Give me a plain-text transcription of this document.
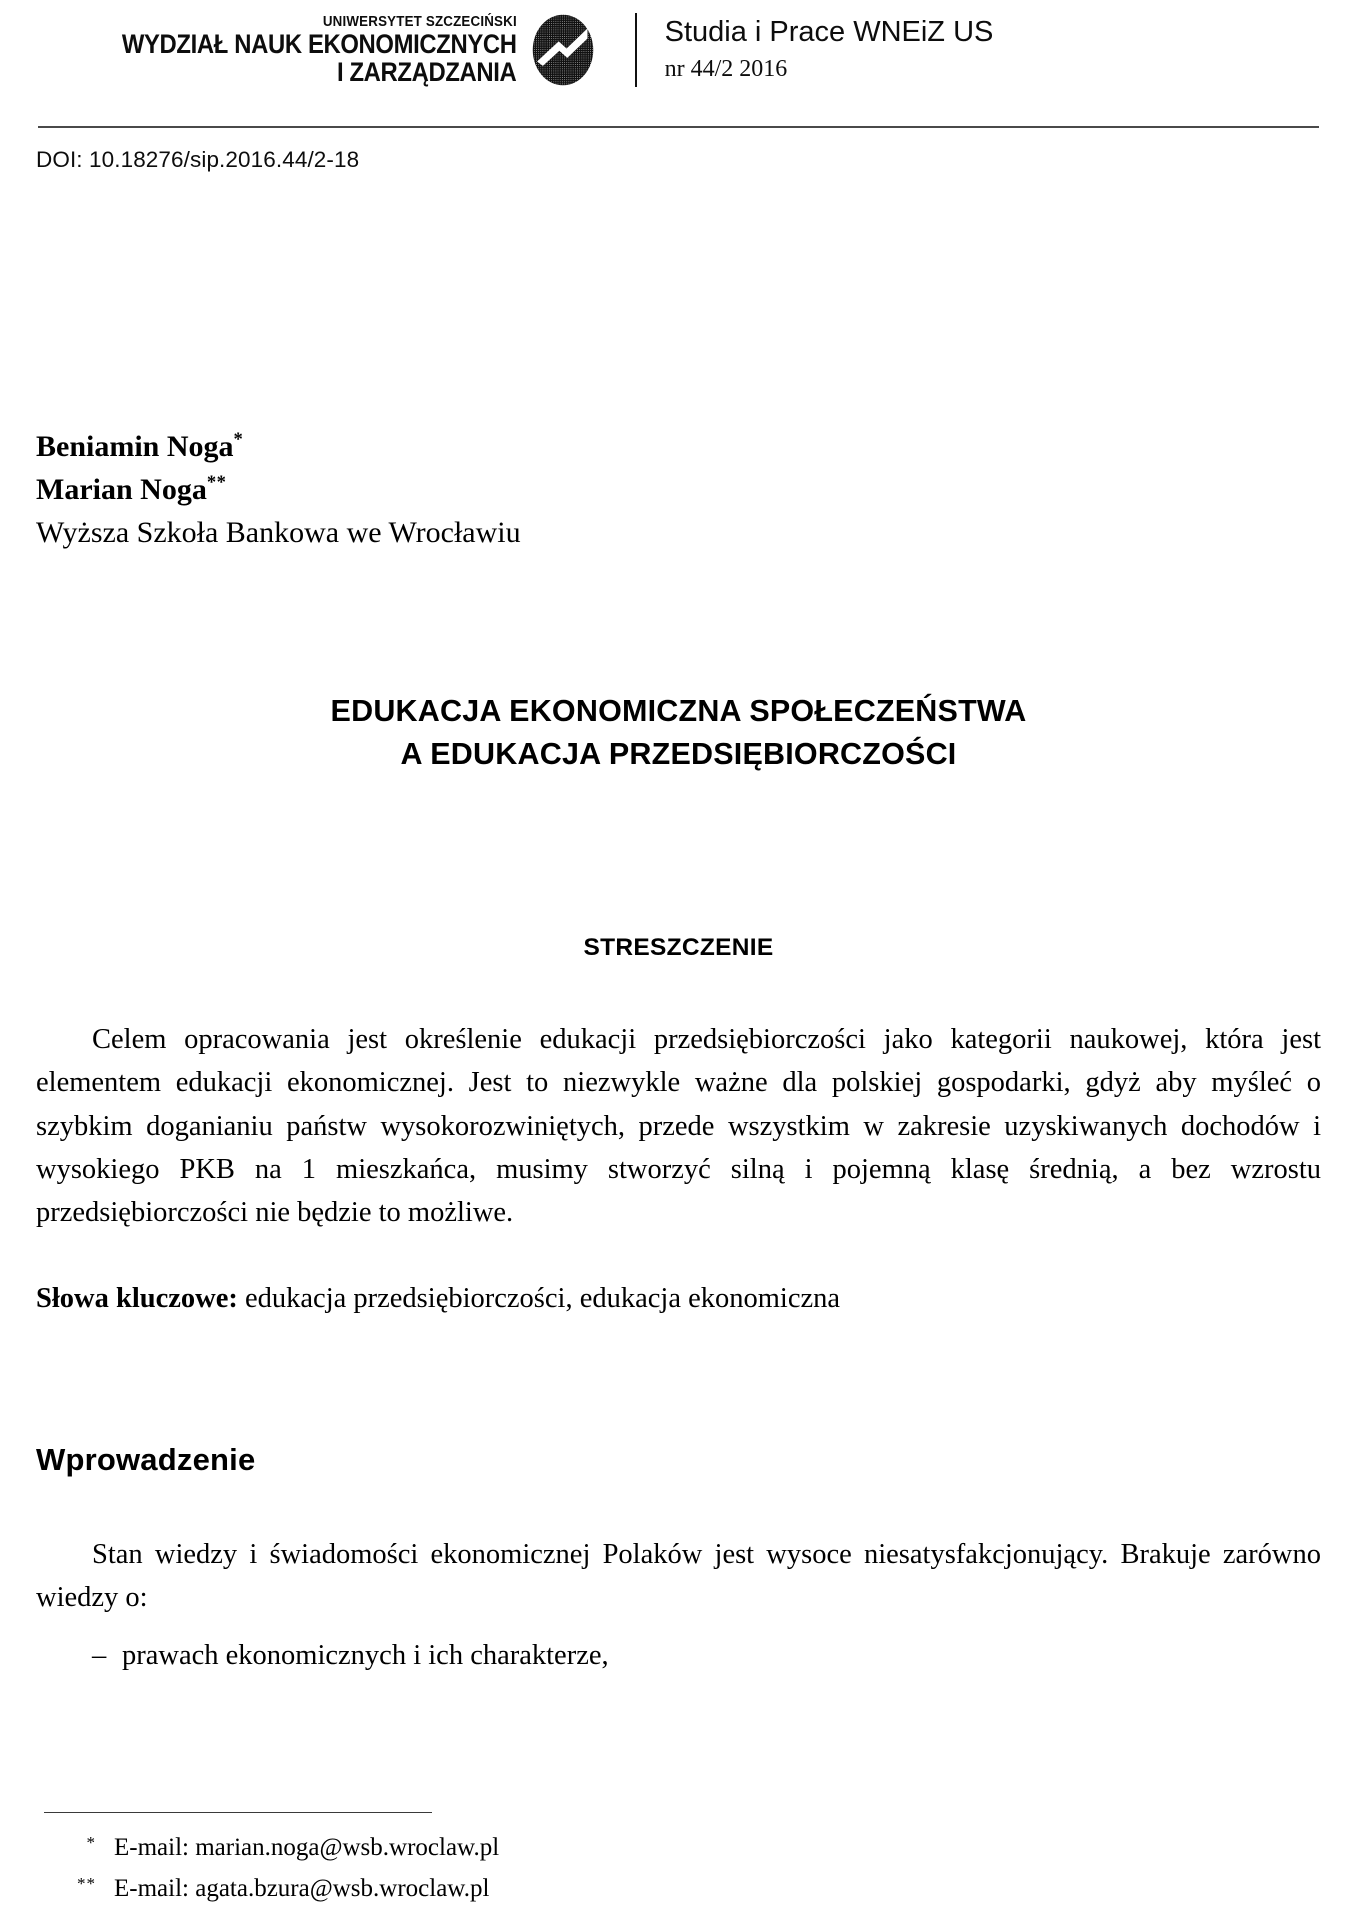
UNIWERSYTET SZCZECIŃSKI
WYDZIAŁ NAUK EKONOMICZNYCH
I ZARZĄDZANIA
Studia i Prace WNEiZ US
nr 44/2 2016
DOI: 10.18276/sip.2016.44/2-18
Beniamin Noga*
Marian Noga**
Wyższa Szkoła Bankowa we Wrocławiu
EDUKACJA EKONOMICZNA SPOŁECZEŃSTWA
A EDUKACJA PRZEDSIĘBIORCZOŚCI
STRESZCZENIE

Celem opracowania jest określenie edukacji przedsiębiorczości jako kategorii naukowej, która jest elementem edukacji ekonomicznej. Jest to niezwykle ważne dla polskiej gospodarki, gdyż aby myśleć o szybkim doganianiu państw wysokorozwiniętych, przede wszystkim w zakresie uzyskiwanych dochodów i wysokiego PKB na 1 mieszkańca, musimy stworzyć silną i pojemną klasę średnią, a bez wzrostu przedsiębiorczości nie będzie to możliwe.

Słowa kluczowe: edukacja przedsiębiorczości, edukacja ekonomiczna
Wprowadzenie

Stan wiedzy i świadomości ekonomicznej Polaków jest wysoce niesatysfakcjonujący. Brakuje zarówno wiedzy o:

– prawach ekonomicznych i ich charakterze,
* E-mail: marian.noga@wsb.wroclaw.pl
** E-mail: agata.bzura@wsb.wroclaw.pl
